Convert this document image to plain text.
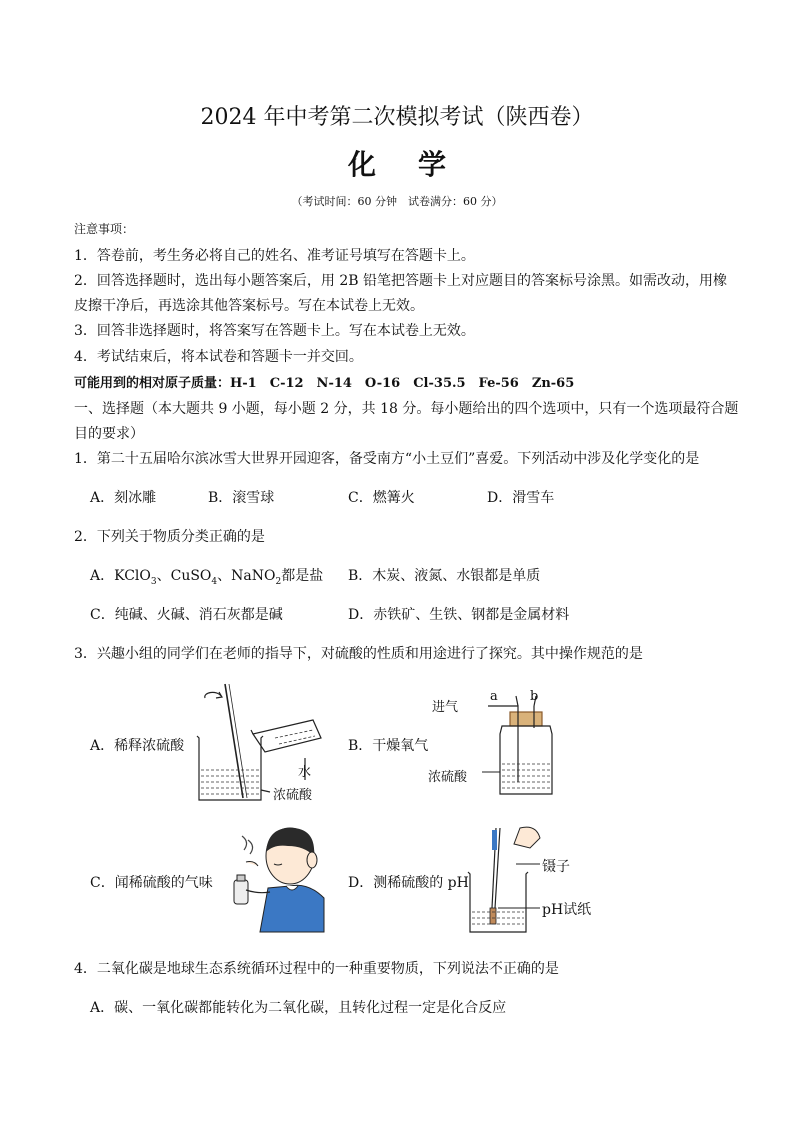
2024 年中考第二次模拟考试（陕西卷）
化学
（考试时间：60 分钟　试卷满分：60 分）
注意事项：
1．答卷前，考生务必将自己的姓名、准考证号填写在答题卡上。
2．回答选择题时，选出每小题答案后，用 2B 铅笔把答题卡上对应题目的答案标号涂黑。如需改动，用橡
皮擦干净后，再选涂其他答案标号。写在本试卷上无效。
3．回答非选择题时，将答案写在答题卡上。写在本试卷上无效。
4．考试结束后，将本试卷和答题卡一并交回。
可能用到的相对原子质量：H-1　C-12　N-14　O-16　Cl-35.5　Fe-56　Zn-65
一、选择题（本大题共 9 小题，每小题 2 分，共 18 分。每小题给出的四个选项中，只有一个选项最符合题
目的要求）
1．第二十五届哈尔滨冰雪大世界开园迎客，备受南方“小土豆们”喜爱。下列活动中涉及化学变化的是
A．刻冰雕	B．滚雪球	C．燃篝火	D．滑雪车
2．下列关于物质分类正确的是
A．KClO$_3$、CuSO$_4$、NaNO$_2$都是盐 B．木炭、液氮、水银都是单质
C．纯碱、火碱、消石灰都是碱	D．赤铁矿、生铁、钢都是金属材料
3．兴趣小组的同学们在老师的指导下，对硫酸的性质和用途进行了探究。其中操作规范的是
A．稀释浓硫酸	B．干燥氧气
C．闻稀硫酸的气味	D．测稀硫酸的 pH
水
浓硫酸
进气
a b
浓硫酸
镊子
pH试纸
4．二氧化碳是地球生态系统循环过程中的一种重要物质，下列说法不正确的是
A．碳、一氧化碳都能转化为二氧化碳，且转化过程一定是化合反应
